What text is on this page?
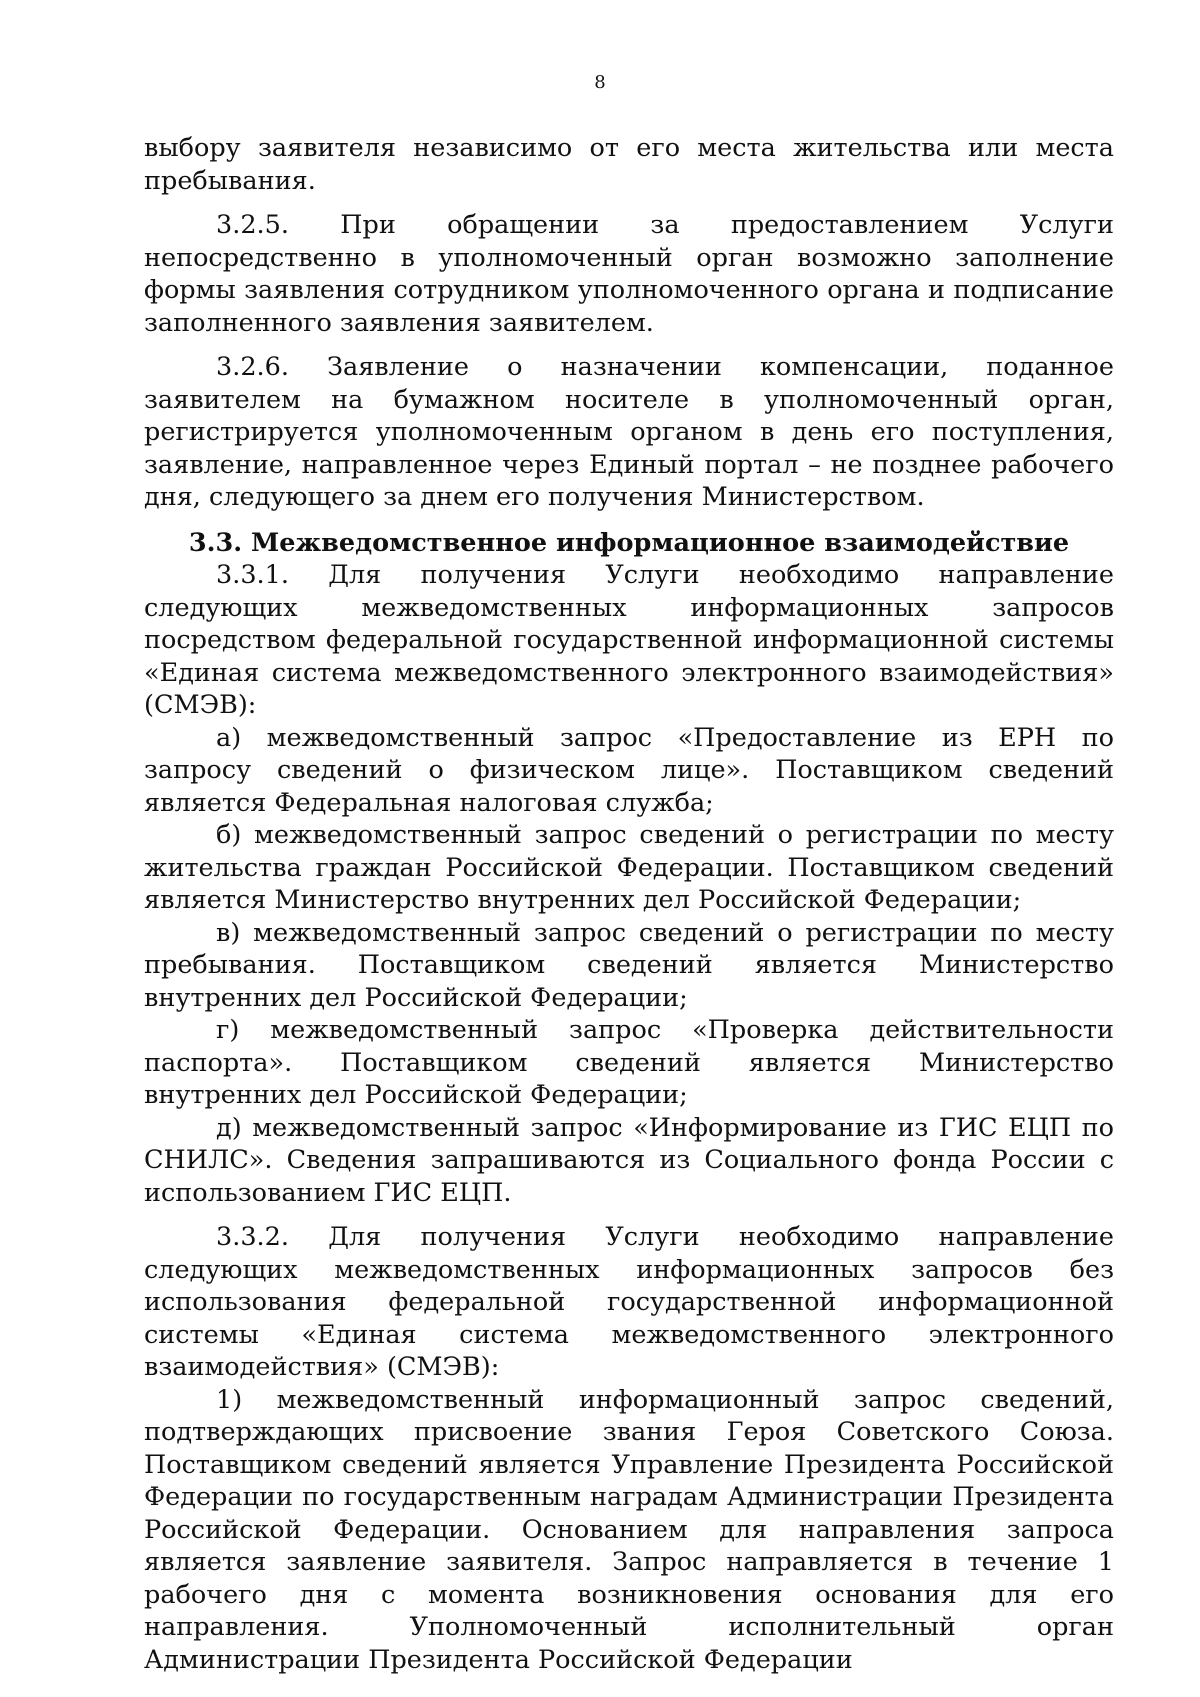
8

выбору заявителя независимо от его места жительства или места пребывания.

3.2.5. При обращении за предоставлением Услуги непосредственно в уполномоченный орган возможно заполнение формы заявления сотрудником уполномоченного органа и подписание заполненного заявления заявителем.

3.2.6. Заявление о назначении компенсации, поданное заявителем на бумажном носителе в уполномоченный орган, регистрируется уполномоченным органом в день его поступления, заявление, направленное через Единый портал – не позднее рабочего дня, следующего за днем его получения Министерством.

3.3. Межведомственное информационное взаимодействие

3.3.1. Для получения Услуги необходимо направление следующих межведомственных информационных запросов посредством федеральной государственной информационной системы «Единая система межведомственного электронного взаимодействия» (СМЭВ):

а) межведомственный запрос «Предоставление из ЕРН по запросу сведений о физическом лице». Поставщиком сведений является Федеральная налоговая служба;

б) межведомственный запрос сведений о регистрации по месту жительства граждан Российской Федерации. Поставщиком сведений является Министерство внутренних дел Российской Федерации;

в) межведомственный запрос сведений о регистрации по месту пребывания. Поставщиком сведений является Министерство внутренних дел Российской Федерации;

г) межведомственный запрос «Проверка действительности паспорта». Поставщиком сведений является Министерство внутренних дел Российской Федерации;

д) межведомственный запрос «Информирование из ГИС ЕЦП по СНИЛС». Сведения запрашиваются из Социального фонда России с использованием ГИС ЕЦП.

3.3.2. Для получения Услуги необходимо направление следующих межведомственных информационных запросов без использования федеральной государственной информационной системы «Единая система межведомственного электронного взаимодействия» (СМЭВ):

1) межведомственный информационный запрос сведений, подтверждающих присвоение звания Героя Советского Союза. Поставщиком сведений является Управление Президента Российской Федерации по государственным наградам Администрации Президента Российской Федерации. Основанием для направления запроса является заявление заявителя. Запрос направляется в течение 1 рабочего дня с момента возникновения основания для его направления. Уполномоченный исполнительный орган Администрации Президента Российской Федерации
